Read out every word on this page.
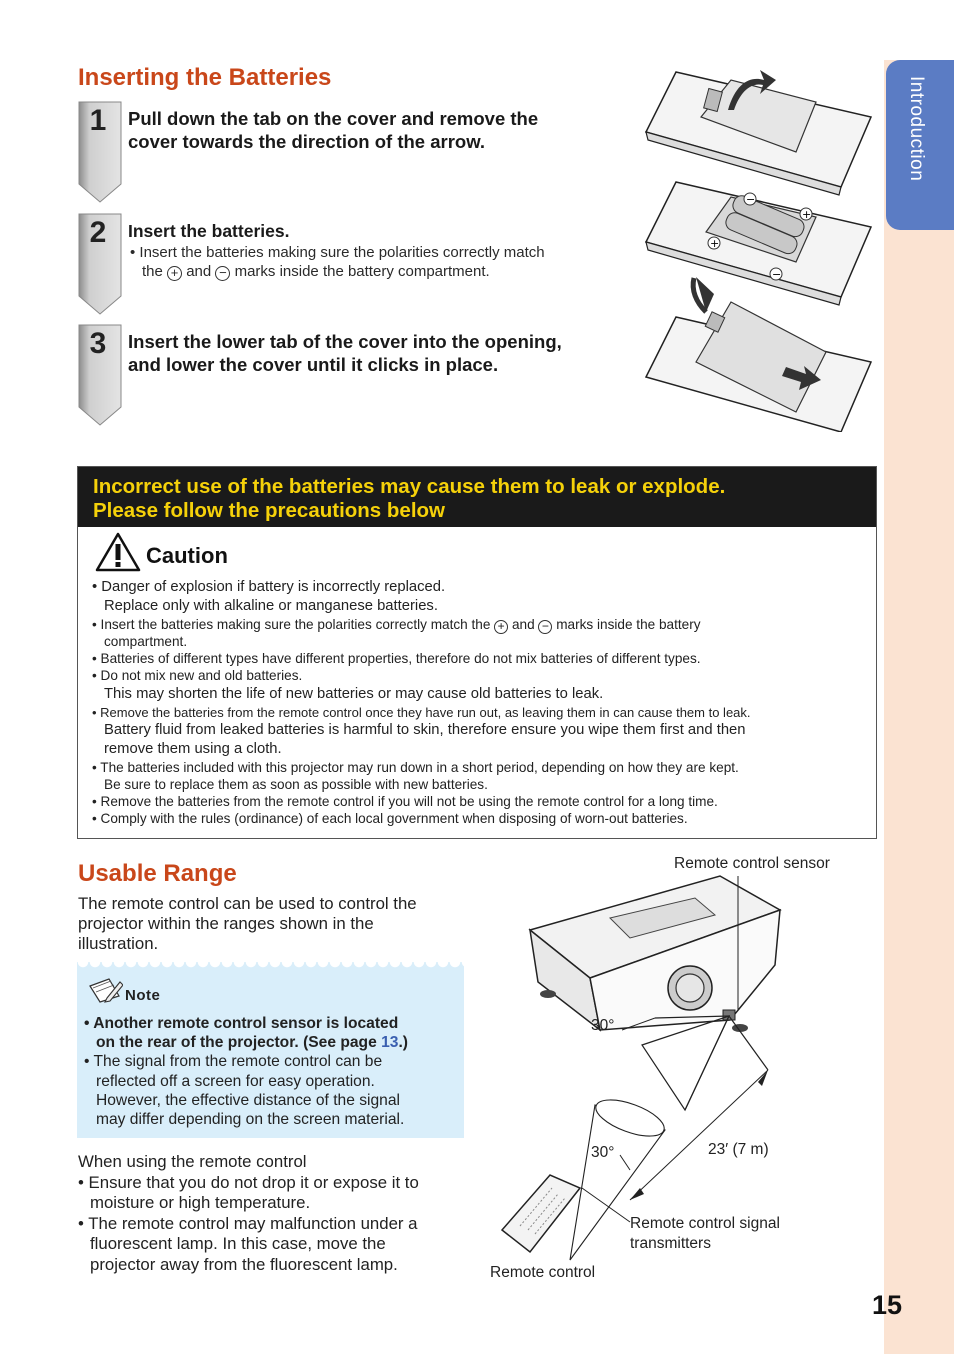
Introduction
Inserting the Batteries
1	Pull down the tab on the cover and remove the
cover towards the direction of the arrow.
2	Insert the batteries.
• Insert the batteries making sure the polarities correctly match
the + and − marks inside the battery compartment.
3	Insert the lower tab of the cover into the opening,
and lower the cover until it clicks in place.
−
+
+
−
Incorrect use of the batteries may cause them to leak or explode.
Please follow the precautions below
Caution
• Danger of explosion if battery is incorrectly replaced.
Replace only with alkaline or manganese batteries.
• Insert the batteries making sure the polarities correctly match the + and − marks inside the battery
compartment.
• Batteries of different types have different properties, therefore do not mix batteries of different types.
• Do not mix new and old batteries.
This may shorten the life of new batteries or may cause old batteries to leak.
• Remove the batteries from the remote control once they have run out, as leaving them in can cause them to leak.
Battery fluid from leaked batteries is harmful to skin, therefore ensure you wipe them first and then
remove them using a cloth.
• The batteries included with this projector may run down in a short period, depending on how they are kept.
Be sure to replace them as soon as possible with new batteries.
• Remove the batteries from the remote control if you will not be using the remote control for a long time.
• Comply with the rules (ordinance) of each local government when disposing of worn-out batteries.
Usable Range
The remote control can be used to control the
projector within the ranges shown in the
illustration.
Note
• Another remote control sensor is located
on the rear of the projector. (See page 13.)
• The signal from the remote control can be
reflected off a screen for easy operation.
However, the effective distance of the signal
may differ depending on the screen material.
When using the remote control
• Ensure that you do not drop it or expose it to
moisture or high temperature.
• The remote control may malfunction under a
fluorescent lamp. In this case, move the
projector away from the fluorescent lamp.
Remote control sensor
30°
30°	23′ (7 m)
Remote control signal
transmitters
Remote control
15
